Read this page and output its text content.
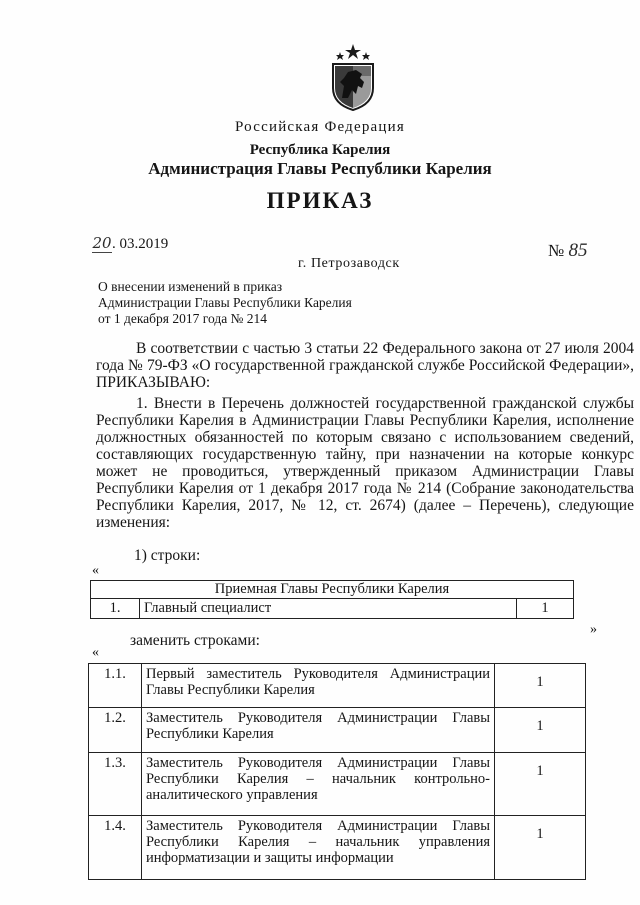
Российская Федерация
Республика Карелия
Администрация Главы Республики Карелия
ПРИКАЗ
20. 03.2019	№ 85
г. Петрозаводск
О внесении изменений в приказ
Администрации Главы Республики Карелия
от 1 декабря 2017 года № 214
В соответствии с частью 3 статьи 22 Федерального закона от 27 июля 2004 года № 79-ФЗ «О государственной гражданской службе Российской Федерации», ПРИКАЗЫВАЮ:
1. Внести в Перечень должностей государственной гражданской службы Республики Карелия в Администрации Главы Республики Карелия, исполнение должностных обязанностей по которым связано с использованием сведений, составляющих государственную тайну, при назначении на которые конкурс может не проводиться, утвержденный приказом Администрации Главы Республики Карелия от 1 декабря 2017 года № 214 (Собрание законодательства Республики Карелия, 2017, № 12, ст. 2674) (далее – Перечень), следующие изменения:
1) строки:
«
Приемная Главы Республики Карелия
1.	Главный специалист	1
»
заменить строками:
«
1.1.	Первый заместитель Руководителя Администрации Главы Республики Карелия	1
1.2.	Заместитель Руководителя Администрации Главы Республики Карелия	1
1.3.	Заместитель Руководителя Администрации Главы Республики Карелия – начальник контрольно-аналитического управления	1
1.4.	Заместитель Руководителя Администрации Главы Республики Карелия – начальник управления информатизации и защиты информации	1
